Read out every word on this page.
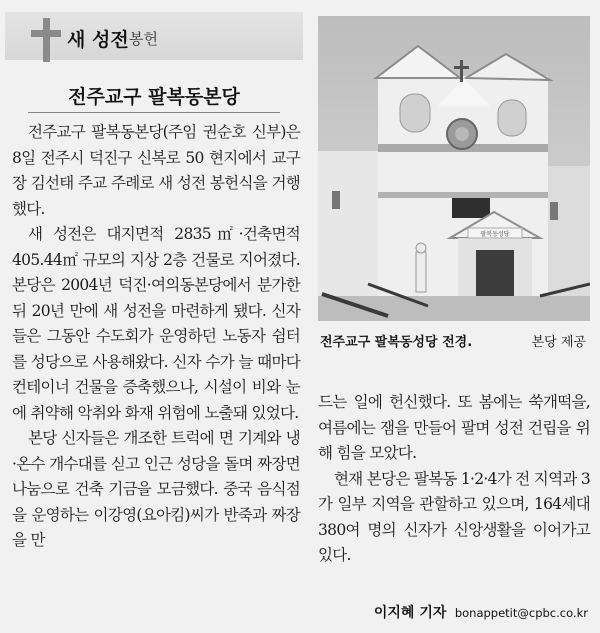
새 성전 봉헌
전주교구 팔복동본당

전주교구 팔복동본당(주임 권순호 신부)은 8일 전주시 덕진구 신복로 50 현지에서 교구장 김선태 주교 주례로 새 성전 봉헌식을 거행했다.

새 성전은 대지면적 2835㎡·건축면적 405.44㎡ 규모의 지상 2층 건물로 지어졌다. 본당은 2004년 덕진·여의동본당에서 분가한 뒤 20년 만에 새 성전을 마련하게 됐다. 신자들은 그동안 수도회가 운영하던 노동자 쉼터를 성당으로 사용해왔다. 신자 수가 늘 때마다 컨테이너 건물을 증축했으나, 시설이 비와 눈에 취약해 악취와 화재 위험에 노출돼 있었다.

본당 신자들은 개조한 트럭에 면 기계와 냉·온수 개수대를 싣고 인근 성당을 돌며 짜장면 나눔으로 건축 기금을 모금했다. 중국 음식점을 운영하는 이강영(요아킴)씨가 반죽과 짜장을 만

팔복동성당
전주교구 팔복동성당 전경.	본당 제공

드는 일에 헌신했다. 또 봄에는 쑥개떡을, 여름에는 잼을 만들어 팔며 성전 건립을 위해 힘을 모았다.

현재 본당은 팔복동 1·2·4가 전 지역과 3가 일부 지역을 관할하고 있으며, 164세대 380여 명의 신자가 신앙생활을 이어가고 있다.

이지혜 기자 bonappetit@cpbc.co.kr
